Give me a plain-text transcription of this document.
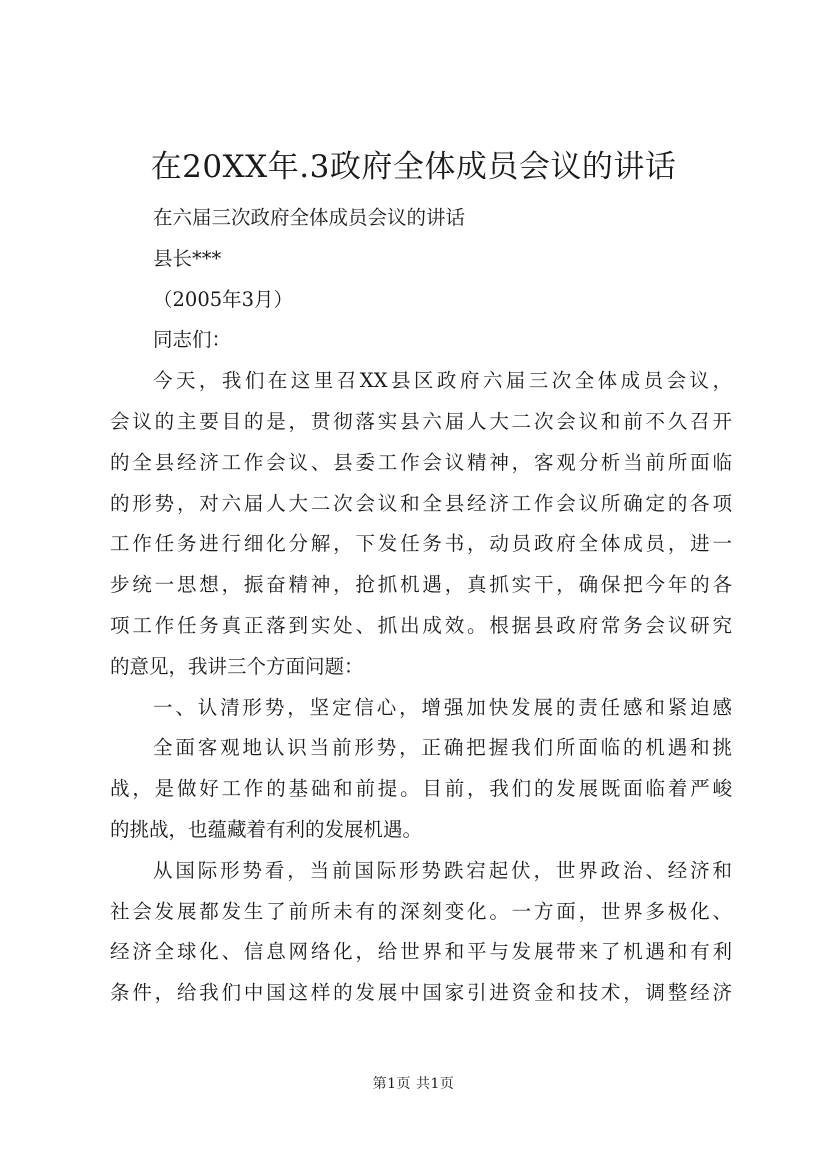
在20XX年.3政府全体成员会议的讲话

在六届三次政府全体成员会议的讲话

县长***

（2005年3月）

同志们：

今天，我们在这里召XX县区政府六届三次全体成员会议，

会议的主要目的是，贯彻落实县六届人大二次会议和前不久召开

的全县经济工作会议、县委工作会议精神，客观分析当前所面临

的形势，对六届人大二次会议和全县经济工作会议所确定的各项

工作任务进行细化分解，下发任务书，动员政府全体成员，进一

步统一思想，振奋精神，抢抓机遇，真抓实干，确保把今年的各

项工作任务真正落到实处、抓出成效。根据县政府常务会议研究

的意见，我讲三个方面问题：

一、认清形势，坚定信心，增强加快发展的责任感和紧迫感

全面客观地认识当前形势，正确把握我们所面临的机遇和挑

战，是做好工作的基础和前提。目前，我们的发展既面临着严峻

的挑战，也蕴藏着有利的发展机遇。

从国际形势看，当前国际形势跌宕起伏，世界政治、经济和

社会发展都发生了前所未有的深刻变化。一方面，世界多极化、

经济全球化、信息网络化，给世界和平与发展带来了机遇和有利

条件，给我们中国这样的发展中国家引进资金和技术，调整经济

第1页 共1页
